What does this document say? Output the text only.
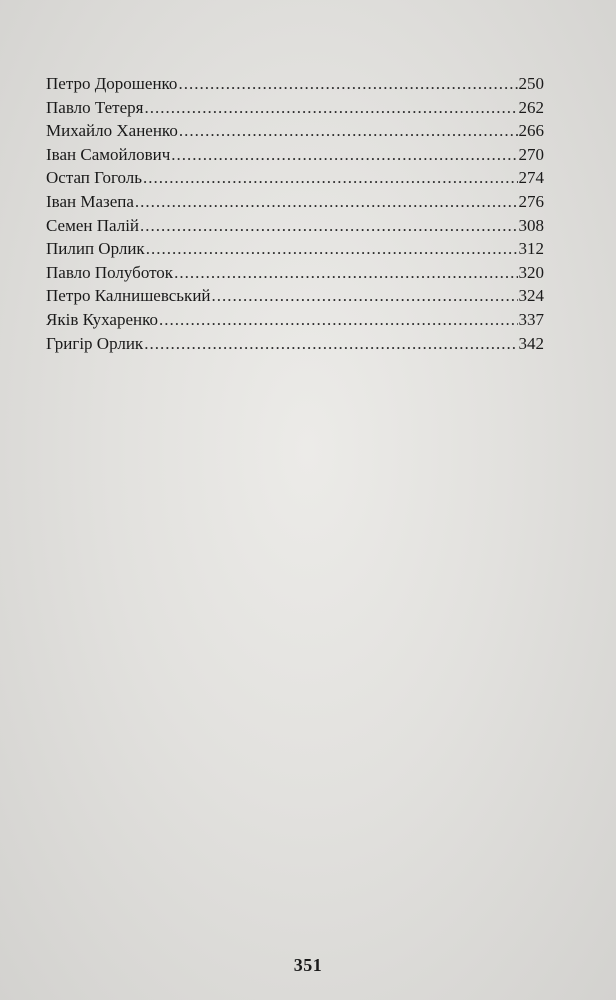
Петро Дорошенко .....	250
Павло Тетеря .....	262
Михайло Ханенко .....	266
Іван Самойлович .....	270
Остап Гоголь .....	274
Іван Мазепа .....	276
Семен Палій .....	308
Пилип Орлик .....	312
Павло Полуботок .....	320
Петро Калнишевський .....	324
Яків Кухаренко .....	337
Григір Орлик .....	342
351
